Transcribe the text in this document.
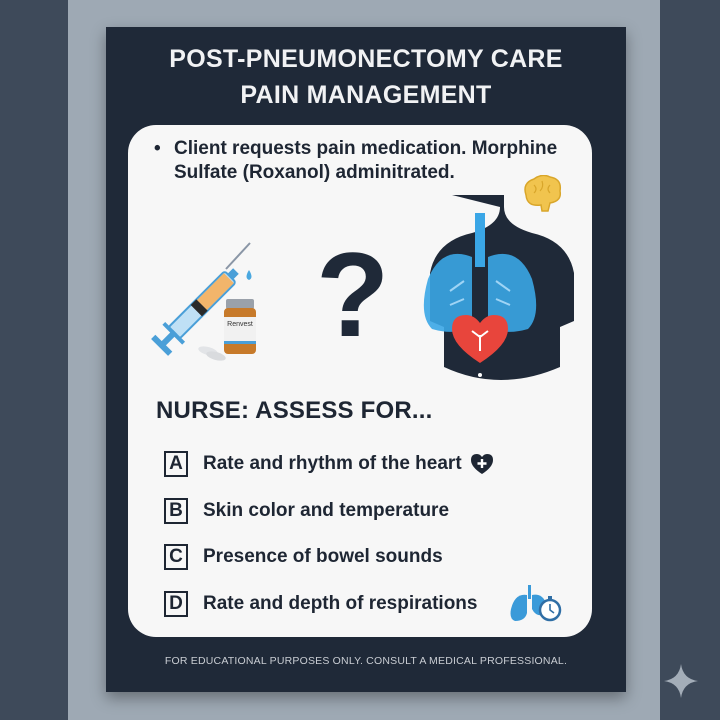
POST-PNEUMONECTOMY CARE
PAIN MANAGEMENT
• Client requests pain medication. Morphine Sulfate (Roxanol) adminitrated.
Renvest ?
NURSE: ASSESS FOR...
A Rate and rhythm of the heart
B Skin color and temperature
C Presence of bowel sounds
D Rate and depth of respirations
FOR EDUCATIONAL PURPOSES ONLY. CONSULT A MEDICAL PROFESSIONAL.
